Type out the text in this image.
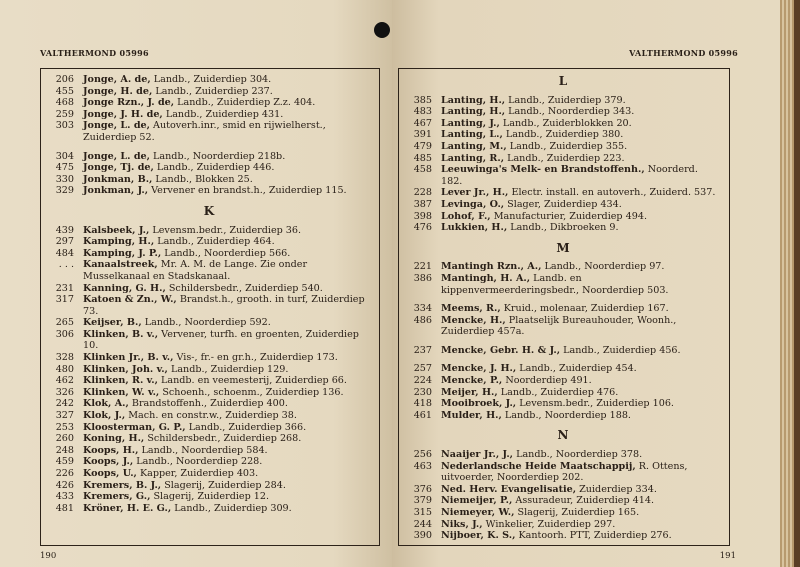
VALTHERMOND 05996
206 Jonge, A. de, Landb., Zuiderdiep 304.
455 Jonge, H. de, Landb., Zuiderdiep 237.
468 Jonge Rzn., J. de, Landb., Zuiderdiep Z.z. 404.
259 Jonge, J. H. de, Landb., Zuiderdiep 431.
303 Jonge, L. de, Autoverh.inr., smid en rijwielherst., Zuiderdiep 52.
304 Jonge, L. de, Landb., Noorderdiep 218b.
475 Jonge, Tj. de, Landb., Zuiderdiep 446.
330 Jonkman, B., Landb., Blokken 25.
329 Jonkman, J., Vervener en brandst.h., Zuiderdiep 115.
K
439 Kalsbeek, J., Levensm.bedr., Zuiderdiep 36.
297 Kamping, H., Landb., Zuiderdiep 464.
484 Kamping, J. P., Landb., Noorderdiep 566.
. . . Kanaalstreek, Mr. A. M. de Lange. Zie onder Musselkanaal en Stadskanaal.
231 Kanning, G. H., Schildersbedr., Zuiderdiep 540.
317 Katoen & Zn., W., Brandst.h., grooth. in turf, Zuiderdiep 73.
265 Keijser, B., Landb., Noorderdiep 592.
306 Klinken, B. v., Vervener, turfh. en groenten, Zuiderdiep 10.
328 Klinken Jr., B. v., Vis-, fr.- en gr.h., Zuiderdiep 173.
480 Klinken, Joh. v., Landb., Zuiderdiep 129.
462 Klinken, R. v., Landb. en veemesterij, Zuiderdiep 66.
326 Klinken, W. v., Schoenh., schoenm., Zuiderdiep 136.
242 Klok, A., Brandstoffenh., Zuiderdiep 400.
327 Klok, J., Mach. en constr.w., Zuiderdiep 38.
253 Kloosterman, G. P., Landb., Zuiderdiep 366.
260 Koning, H., Schildersbedr., Zuiderdiep 268.
248 Koops, H., Landb., Noorderdiep 584.
459 Koops, J., Landb., Noorderdiep 228.
226 Koops, U., Kapper, Zuiderdiep 403.
426 Kremers, B. J., Slagerij, Zuiderdiep 284.
433 Kremers, G., Slagerij, Zuiderdiep 12.
481 Kröner, H. E. G., Landb., Zuiderdiep 309.
190
VALTHERMOND 05996
L
385 Lanting, H., Landb., Zuiderdiep 379.
483 Lanting, H., Landb., Noorderdiep 343.
467 Lanting, J., Landb., Zuiderblokken 20.
391 Lanting, L., Landb., Zuiderdiep 380.
479 Lanting, M., Landb., Zuiderdiep 355.
485 Lanting, R., Landb., Zuiderdiep 223.
458 Leeuwinga's Melk- en Brandstoffenh., Noorderd. 182.
228 Lever Jr., H., Electr. install. en autoverh., Zuiderd. 537.
387 Levinga, O., Slager, Zuiderdiep 434.
398 Lohof, F., Manufacturier, Zuiderdiep 494.
476 Lukkien, H., Landb., Dikbroeken 9.
M
221 Mantingh Rzn., A., Landb., Noorderdiep 97.
386 Mantingh, H. A., Landb. en kippenvermeerderingsbedr., Noorderdiep 503.
334 Meems, R., Kruid., molenaar, Zuiderdiep 167.
486 Mencke, H., Plaatselijk Bureauhouder, Woonh., Zuiderdiep 457a.
237 Mencke, Gebr. H. & J., Landb., Zuiderdiep 456.
257 Mencke, J. H., Landb., Zuiderdiep 454.
224 Mencke, P., Noorderdiep 491.
230 Meijer, H., Landb., Zuiderdiep 476.
418 Mooibroek, J., Levensm.bedr., Zuiderdiep 106.
461 Mulder, H., Landb., Noorderdiep 188.
N
256 Naaijer Jr., J., Landb., Noorderdiep 378.
463 Nederlandsche Heide Maatschappij, R. Ottens, uitvoerder, Noorderdiep 202.
376 Ned. Herv. Evangelisatie, Zuiderdiep 334.
379 Niemeijer, P., Assuradeur, Zuiderdiep 414.
315 Niemeyer, W., Slagerij, Zuiderdiep 165.
244 Niks, J., Winkelier, Zuiderdiep 297.
390 Nijboer, K. S., Kantoorh. PTT, Zuiderdiep 276.
191
